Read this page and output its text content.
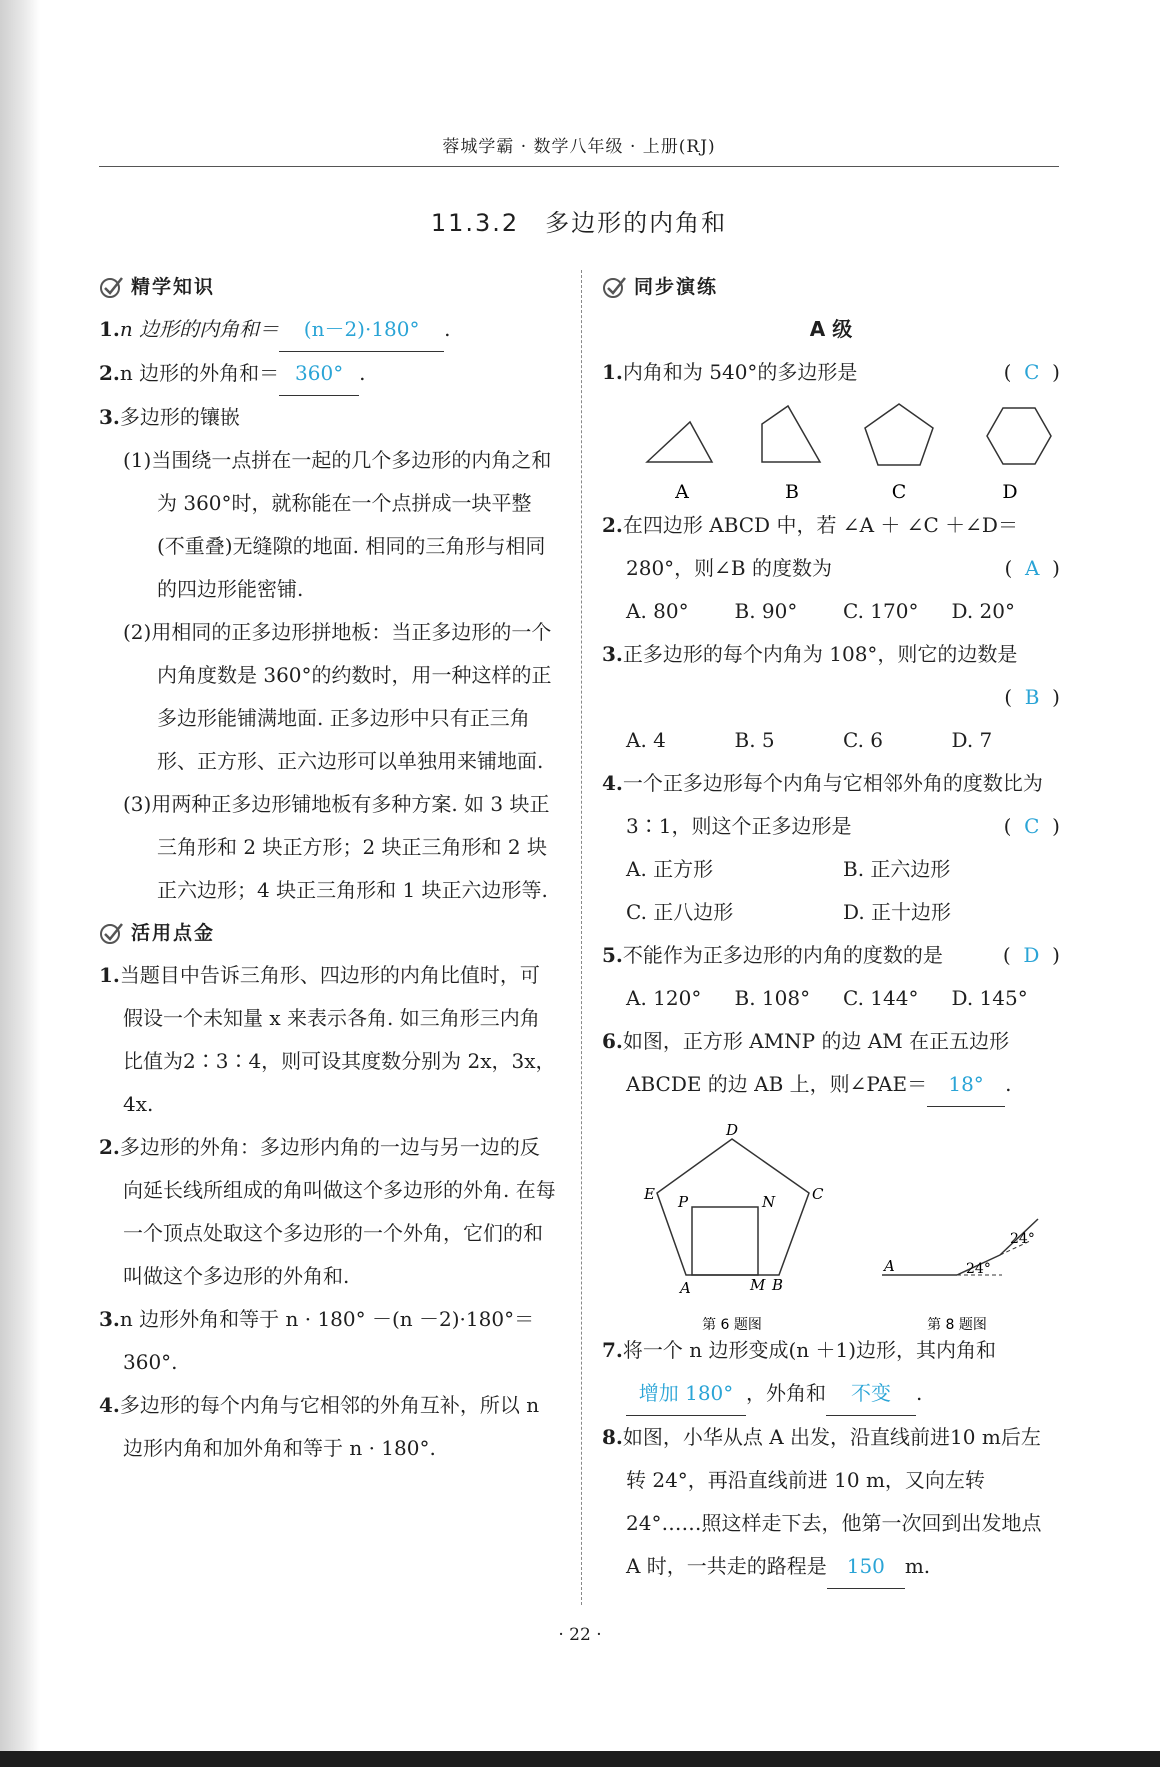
蓉城学霸 · 数学八年级 · 上册(RJ)
11.3.2　多边形的内角和
精学知识

1.n 边形的内角和＝ (n－2)·180° .

2.n 边形的外角和＝ 360° .

3.多边形的镶嵌

(1)当围绕一点拼在一起的几个多边形的内角之和为 360°时，就称能在一个点拼成一块平整(不重叠)无缝隙的地面. 相同的三角形与相同的四边形能密铺.

(2)用相同的正多边形拼地板：当正多边形的一个内角度数是 360°的约数时，用一种这样的正多边形能铺满地面. 正多边形中只有正三角形、正方形、正六边形可以单独用来铺地面.

(3)用两种正多边形铺地板有多种方案. 如 3 块正三角形和 2 块正方形；2 块正三角形和 2 块正六边形；4 块正三角形和 1 块正六边形等.

活用点金

1.当题目中告诉三角形、四边形的内角比值时，可假设一个未知量 x 来表示各角. 如三角形三内角比值为2∶3∶4，则可设其度数分别为 2x，3x，4x.

2.多边形的外角：多边形内角的一边与另一边的反向延长线所组成的角叫做这个多边形的外角. 在每一个顶点处取这个多边形的一个外角，它们的和叫做这个多边形的外角和.

3.n 边形外角和等于 n · 180° －(n －2)·180°＝360°.

4.多边形的每个内角与它相邻的外角互补，所以 n 边形内角和加外角和等于 n · 180°.

同步演练
A 级

1.内角和为 540°的多边形是	(  C  )

A	B	C	D

2.在四边形 ABCD 中，若 ∠A ＋ ∠C ＋∠D＝280°，则∠B 的度数为	(  A  )

A. 80°	B. 90°	C. 170°	D. 20°

3.正多边形的每个内角为 108°，则它的边数是

(  B  )
A. 4	B. 5	C. 6	D. 7

4.一个正多边形每个内角与它相邻外角的度数比为 3∶1，则这个正多边形是	(  C  )

A. 正方形	B. 正六边形
C. 正八边形	D. 正十边形

5.不能作为正多边形的内角的度数的是	(  D  )

A. 120°	B. 108°	C. 144°	D. 145°

6.如图，正方形 AMNP 的边 AM 在正五边形 ABCDE 的边 AB 上，则∠PAE＝ 18° .

D
E	C
P	N
A	M B
第 6 题图
A	24°
24°
第 8 题图

7.将一个 n 边形变成(n ＋1)边形，其内角和增加 180° ，外角和 不变 .

8.如图，小华从点 A 出发，沿直线前进10 m后左转 24°，再沿直线前进 10 m，又向左转 24°……照这样走下去，他第一次回到出发地点 A 时，一共走的路程是 150 m.

· 22 ·
